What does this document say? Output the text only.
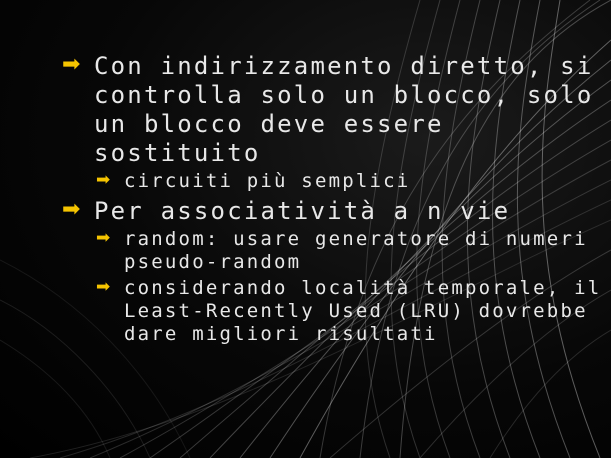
➡ Con indirizzamento diretto, si controlla solo un blocco, solo un blocco deve essere sostituito
➡ circuiti più semplici
➡ Per associatività a n vie
➡ random: usare generatore di numeri pseudo-random
➡ considerando località temporale, il Least-Recently Used (LRU) dovrebbe dare migliori risultati
